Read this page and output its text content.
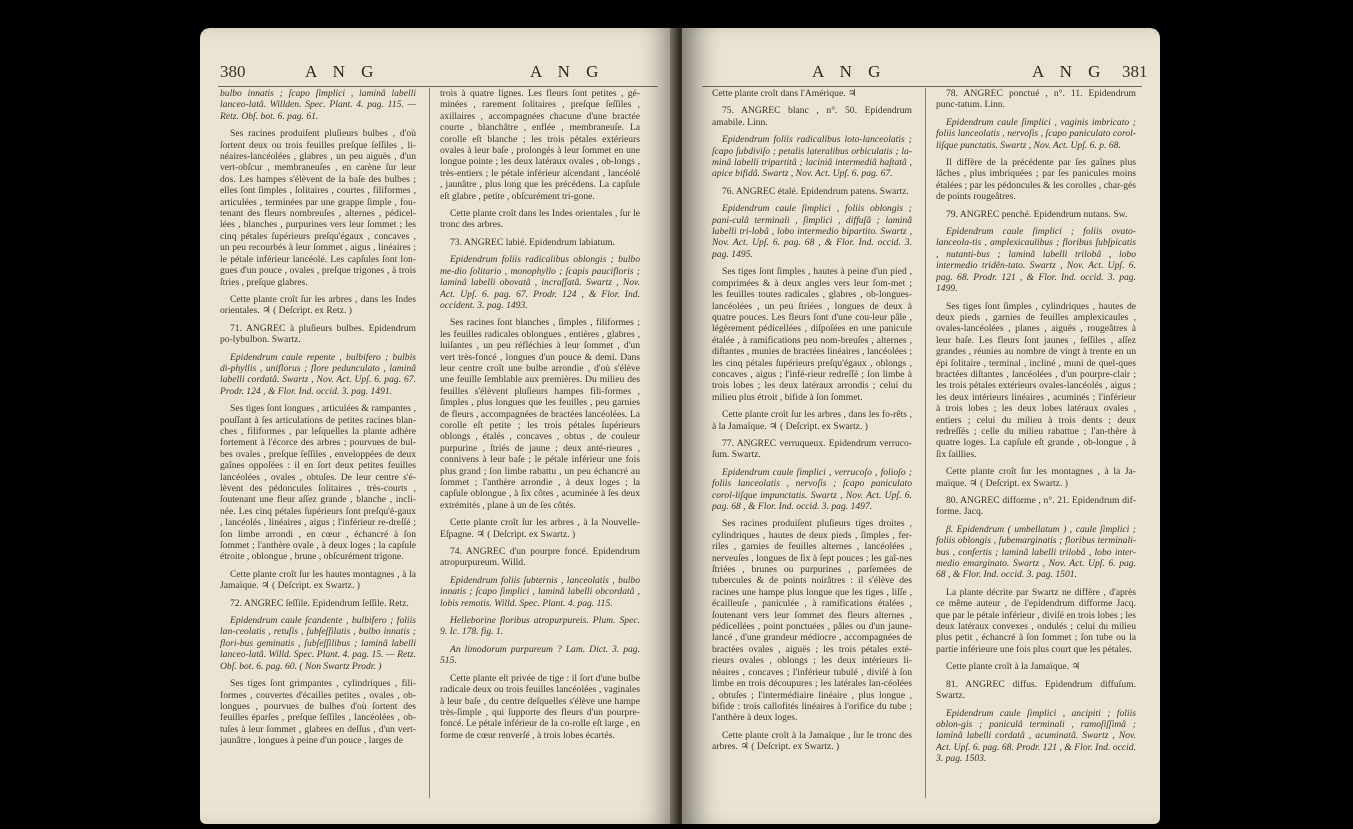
380	A N G	A N G

bulbo innatis ; ſcapo ſimplici , laminâ labelli lanceo-latâ. Willden. Spec. Plant. 4. pag. 115. — Retz. Obſ. bot. 6. pag. 61.

Ses racines produiſent pluſieurs bulbes , d'où ſortent deux ou trois feuilles preſque ſeſſiles , li-néaires-lancéolées , glabres , un peu aiguës , d'un vert-obſcur , membraneuſes , en carène ſur leur dos. Les hampes s'élèvent de la baſe des bulbes ; elles ſont ſimples , ſolitaires , courtes , filiformes , articulées , terminées par une grappe ſimple , fou-tenant des fleurs nombreuſes , alternes , pédicel-lées , blanches , purpurines vers leur ſommet ; les cinq pétales ſupérieurs preſqu'égaux , concaves , un peu recourbés à leur ſommet , aigus , linéaires ; le pétale inférieur lancéolé. Les capſules ſont lon-gues d'un pouce , ovales , preſque trigones , à trois ſtries , preſque glabres.

Cette plante croît ſur les arbres , dans les Indes orientales. ♃ ( Deſcript. ex Retz. )

71. ANGREC à pluſieurs bulbes. Epidendrum po-lybulbon. Swartz.

Epidendrum caule repente , bulbifero ; bulbis di-phyllis , uniflorus ; flore pedunculato , laminâ labelli cordatâ. Swartz , Nov. Act. Upſ. 6. pag. 67. Prodr. 124 , & Flor. Ind. occid. 3. pag. 1491.

Ses tiges ſont longues , articulées & rampantes , pouſſant à ſes articulations de petites racines blan-ches , filiformes , par leſquelles la plante adhère fortement à l'écorce des arbres ; pourvues de bul-bes ovales , preſque ſeſſiles , enveloppées de deux gaînes oppoſées : il en ſort deux petites feuilles lancéolées , ovales , obtuſes. De leur centre s'é-lèvent des pédoncules ſolitaires , très-courts , ſoutenant une fleur aſſez grande , blanche , incli-née. Les cinq pétales ſupérieurs ſont preſqu'é-gaux , lancéolés , linéaires , aigus ; l'inférieur re-dreſſé ; ſon limbe arrondi , en cœur , échancré à ſon ſommet ; l'anthère ovale , à deux loges ; la capſule étroite , oblongue , brune , obſcurément trigone.

Cette plante croît ſur les hautes montagnes , à la Jamaïque. ♃ ( Deſcript. ex Swartz. )

72. ANGREC ſeſſile. Epidendrum ſeſſile. Retz.

Epidendrum caule ſcandente , bulbifero ; foliis lan-ceolatis , retuſis , ſubſeſſilatis , bulbo innatis ; flori-bus geminatis , ſubſeſſilibus ; laminâ labelli lanceo-latâ. Willd. Spec. Plant. 4. pag. 15. — Retz. Obſ. bot. 6. pag. 60. ( Non Swartz Prodr. )

Ses tiges ſont grimpantes , cylindriques , fili-formes , couvertes d'écailles petites , ovales , ob-longues , pourvues de bulbes d'où ſortent des feuilles éparſes , preſque ſeſſiles , lancéolées , ob-tuſes à leur ſommet , glabres en deſſus , d'un vert-jaunâtre , longues à peine d'un pouce , larges de

trois à quatre lignes. Les fleurs ſont petites , gé-minées , rarement ſolitaires , preſque ſeſſiles , axillaires , accompagnées chacune d'une bractée courte , blanchâtre , enflée , membraneuſe. La corolle eſt blanche ; les trois pétales extérieurs ovales à leur baſe , prolongés à leur ſommet en une longue pointe ; les deux latéraux ovales , ob-longs , très-entiers ; le pétale inférieur aſcendant , lancéolé , jaunâtre , plus long que les précédens. La capſule eſt glabre , petite , obſcurément tri-gone.

Cette plante croît dans les Indes orientales , ſur le tronc des arbres.

73. ANGREC labié. Epidendrum labiatum.

Epidendrum foliis radicalibus oblongis ; bulbo me-dio ſolitario , monophyllo ; ſcapis paucifloris ; laminâ labelli obovatâ , incraſſatâ. Swartz , Nov. Act. Upſ. 6. pag. 67. Prodr. 124 , & Flor. Ind. occident. 3. pag. 1493.

Ses racines ſont blanches , ſimples , filiformes ; les feuilles radicales oblongues , entières , glabres , luiſantes , un peu réfléchies à leur ſommet , d'un vert très-foncé , longues d'un pouce & demi. Dans leur centre croît une bulbe arrondie , d'où s'élève une feuille ſemblable aux premières. Du milieu des feuilles s'élèvent pluſieurs hampes fili-formes , ſimples , plus longues que les feuilles , peu garnies de fleurs , accompagnées de bractées lancéolées. La corolle eſt petite ; les trois pétales ſupérieurs oblongs , étalés , concaves , obtus , de couleur purpurine , ſtriés de jaune ; deux anté-rieures , connivens à leur baſe ; le pétale inférieur une fois plus grand ; ſon limbe rabattu , un peu échancré au ſommet ; l'anthère arrondie , à deux loges ; la capſule oblongue , à ſix côtes , acuminée à ſes deux extrémités , plane à un de ſes côtés.

Cette plante croît ſur les arbres , à la Nouvelle-Eſpagne. ♃ ( Deſcript. ex Swartz. )

74. ANGREC d'un pourpre foncé. Epidendrum atropurpureum. Willd.

Epidendrum foliis ſubternis , lanceolatis , bulbo innatis ; ſcapo ſimplici , laminâ labelli obcordatâ , lobis remotis. Willd. Spec. Plant. 4. pag. 115.

Helleborine floribus atropurpureis. Plum. Spec. 9. Ic. 178. fig. 1.

An limodorum purpureum ? Lam. Dict. 3. pag. 515.

Cette plante eſt privée de tige : il ſort d'une bulbe radicale deux ou trois feuilles lancéolées , vaginales à leur baſe , du centre deſquelles s'élève une hampe très-ſimple , qui ſupporte des fleurs d'un pourpre-foncé. Le pétale inférieur de la co-rolle eſt large , en forme de cœur renverſé , à trois lobes écartés.

A N G	A N G 381

Cette plante croît dans l'Amérique. ♃

75. ANGREC blanc , n°. 50. Epidendrum amabile. Linn.

Epidendrum foliis radicalibus loto-lanceolatis ; ſcapo ſubdiviſo ; petalis lateralibus orbiculatis ; la-minâ labelli tripartitâ ; laciniâ intermediâ haſtatâ , apice bifidâ. Swartz , Nov. Act. Upſ. 6. pag. 67.

76. ANGREC étalé. Epidendrum patens. Swartz.

Epidendrum caule ſimplici , foliis oblongis ; pani-culâ terminali , ſimplici , diffuſâ ; laminâ labelli tri-lobâ , lobo intermedio bipartito. Swartz , Nov. Act. Upſ. 6. pag. 68 , & Flor. Ind. occid. 3. pag. 1495.

Ses tiges ſont ſimples , hautes à peine d'un pied , comprimées & à deux angles vers leur ſom-met ; les feuilles toutes radicales , glabres , ob-longues-lancéolées , un peu ſtriées , longues de deux à quatre pouces. Les fleurs ſont d'une cou-leur pâle , légèrement pédicellées , diſpoſées en une panicule étalée , à ramifications peu nom-breuſes , alternes , diſtantes , munies de bractées linéaires , lancéolées ; les cinq pétales ſupérieurs preſqu'égaux , oblongs , concaves , aigus ; l'infé-rieur redreſſé ; ſon limbe à trois lobes ; les deux latéraux arrondis ; celui du milieu plus étroit , bifide à ſon ſommet.

Cette plante croît ſur les arbres , dans les fo-rêts , à la Jamaïque. ♃ ( Deſcript. ex Swartz. )

77. ANGREC verruqueux. Epidendrum verruco-ſum. Swartz.

Epidendrum caule ſimplici , verrucoſo , folioſo ; foliis lanceolatis , nervoſis ; ſcapo paniculato corol-liſque impunctatis. Swartz , Nov. Act. Upſ. 6. pag. 68 , & Flor. Ind. occid. 3. pag. 1497.

Ses racines produiſent pluſieurs tiges droites , cylindriques , hautes de deux pieds , ſimples , fer-riles , garnies de feuilles alternes , lancéolées , nerveuſes , longues de ſix à ſept pouces ; les gaî-nes ſtriées , brunes ou purpurines , parſemées de tubercules & de points noirâtres : il s'élève des racines une hampe plus longue que les tiges , liſſe , écailleuſe , paniculée , à ramifications étalées , ſoutenant vers leur ſommet des fleurs alternes , pédicellées , point ponctuées , pâles ou d'un jaune-lancé , d'une grandeur médiocre , accompagnées de bractées ovales , aiguës ; les trois pétales exté-rieurs ovales , oblongs ; les deux intérieurs li-néaires , concaves ; l'inférieur tubulé , diviſé à ſon limbe en trois découpures ; les latérales lan-céolées , obtuſes ; l'intermédiaire linéaire , plus longue , bifide : trois callofités linéaires à l'orifice du tube ; l'anthère à deux loges.

Cette plante croît à la Jamaïque , ſur le tronc des arbres. ♃ ( Deſcript. ex Swartz. )

78. ANGREC ponctué , n°. 11. Epidendrum punc-tatum. Linn.

Epidendrum caule ſimplici , vaginis imbricato ; foliis lanceolatis , nervoſis , ſcapo paniculato corol-liſque punctatis. Swartz , Nov. Act. Upſ. 6. p. 68.

Il diffère de la précédente par ſes gaînes plus lâches , plus imbriquées ; par ſes panicules moins étalées ; par les pédoncules & les corolles , char-gés de points rougeâtres.

79. ANGREC penché. Epidendrum nutans. Sw.

Epidendrum caule ſimplici ; foliis ovato-lanceola-tis , amplexicaulibus ; floribus ſubſpicatis , nutanti-bus ; laminâ labelli trilobâ , lobo intermedio tridên-tato. Swartz , Nov. Act. Upſ. 6. pag. 68. Prodr. 121 , & Flor. Ind. occid. 3. pag. 1499.

Ses tiges ſont ſimples , cylindriques , hautes de deux pieds , garnies de feuilles amplexicaules , ovales-lancéolées , planes , aiguës , rougeâtres à leur baſe. Les fleurs ſont jaunes , ſeſſiles , aſſez grandes , réunies au nombre de vingt à trente en un épi ſolitaire , terminal , incliné , muni de quel-ques bractées diſtantes , lancéolées , d'un pourpre-clair ; les trois pétales extérieurs ovales-lancéolés , aigus ; les deux intérieurs linéaires , acuminés ; l'inférieur à trois lobes ; les deux lobes latéraux ovales , entiers ; celui du milieu à trois dents ; deux redreſſés ; celle du milieu rabattue ; l'an-thère à quatre loges. La capſule eſt grande , ob-longue , à ſix ſaillies.

Cette plante croît ſur les montagnes , à la Ja-maïque. ♃ ( Deſcript. ex Swartz. )

80. ANGREC difforme , n°. 21. Epidendrum dif-forme. Jacq.

β. Epidendrum ( umbellatum ) , caule ſimplici ; foliis oblongis , ſubemarginatis ; floribus terminali-bus , confertis ; laminâ labelli trilobâ , lobo inter-medio emarginato. Swartz , Nov. Act. Upſ. 6. pag. 68 , & Flor. Ind. occid. 3. pag. 1501.

La plante décrite par Swartz ne diffère , d'après ce même auteur , de l'epidendrum difforme Jacq. que par le pétale inférieur , diviſé en trois lobes ; les deux latéraux convexes , ondulés ; celui du milieu plus petit , échancré à ſon ſommet ; ſon tube ou la partie inférieure une fois plus court que les pétales.

Cette plante croît à la Jamaïque. ♃

81. ANGREC diffus. Epidendrum diffuſum. Swartz.

Epidendrum caule ſimplici , ancipiti ; foliis oblon-gis ; paniculâ terminali , ramoſiſſimâ ; laminâ labelli cordatâ , acuminatâ. Swartz , Nov. Act. Upſ. 6. pag. 68. Prodr. 121 , & Flor. Ind. occid. 3. pag. 1503.
